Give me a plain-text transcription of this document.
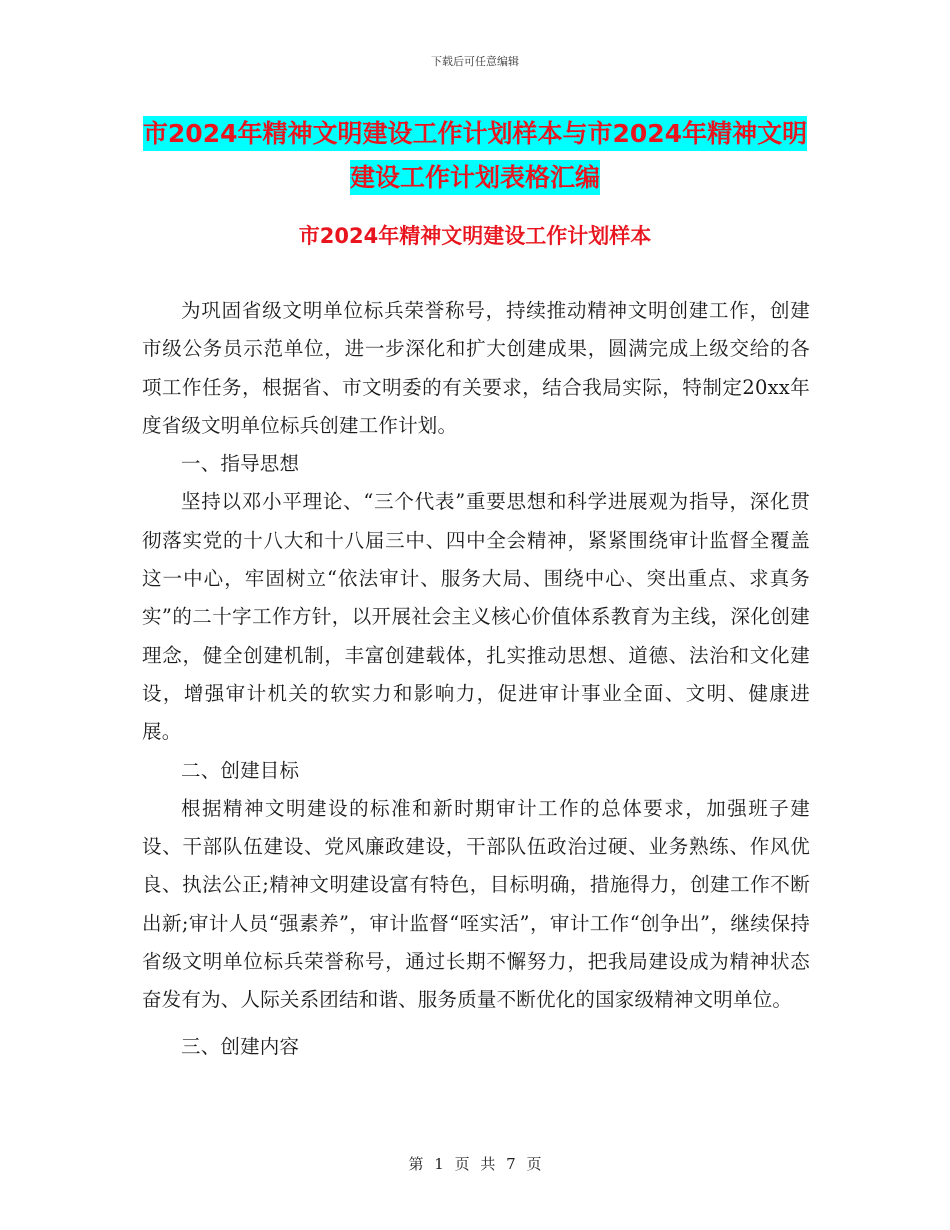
下载后可任意编辑
市2024年精神文明建设工作计划样本与市2024年精神文明建设工作计划表格汇编
市2024年精神文明建设工作计划样本

为巩固省级文明单位标兵荣誉称号，持续推动精神文明创建工作，创建市级公务员示范单位，进一步深化和扩大创建成果，圆满完成上级交给的各项工作任务，根据省、市文明委的有关要求，结合我局实际，特制定20xx年度省级文明单位标兵创建工作计划。

一、指导思想

坚持以邓小平理论、“三个代表”重要思想和科学进展观为指导，深化贯彻落实党的十八大和十八届三中、四中全会精神，紧紧围绕审计监督全覆盖这一中心，牢固树立“依法审计、服务大局、围绕中心、突出重点、求真务实”的二十字工作方针，以开展社会主义核心价值体系教育为主线，深化创建理念，健全创建机制，丰富创建载体，扎实推动思想、道德、法治和文化建设，增强审计机关的软实力和影响力，促进审计事业全面、文明、健康进展。

二、创建目标

根据精神文明建设的标准和新时期审计工作的总体要求，加强班子建设、干部队伍建设、党风廉政建设，干部队伍政治过硬、业务熟练、作风优良、执法公正;精神文明建设富有特色，目标明确，措施得力，创建工作不断出新;审计人员“强素养”，审计监督“咥实活”，审计工作“创争出”，继续保持省级文明单位标兵荣誉称号，通过长期不懈努力，把我局建设成为精神状态奋发有为、人际关系团结和谐、服务质量不断优化的国家级精神文明单位。

三、创建内容

第 1 页 共 7 页
